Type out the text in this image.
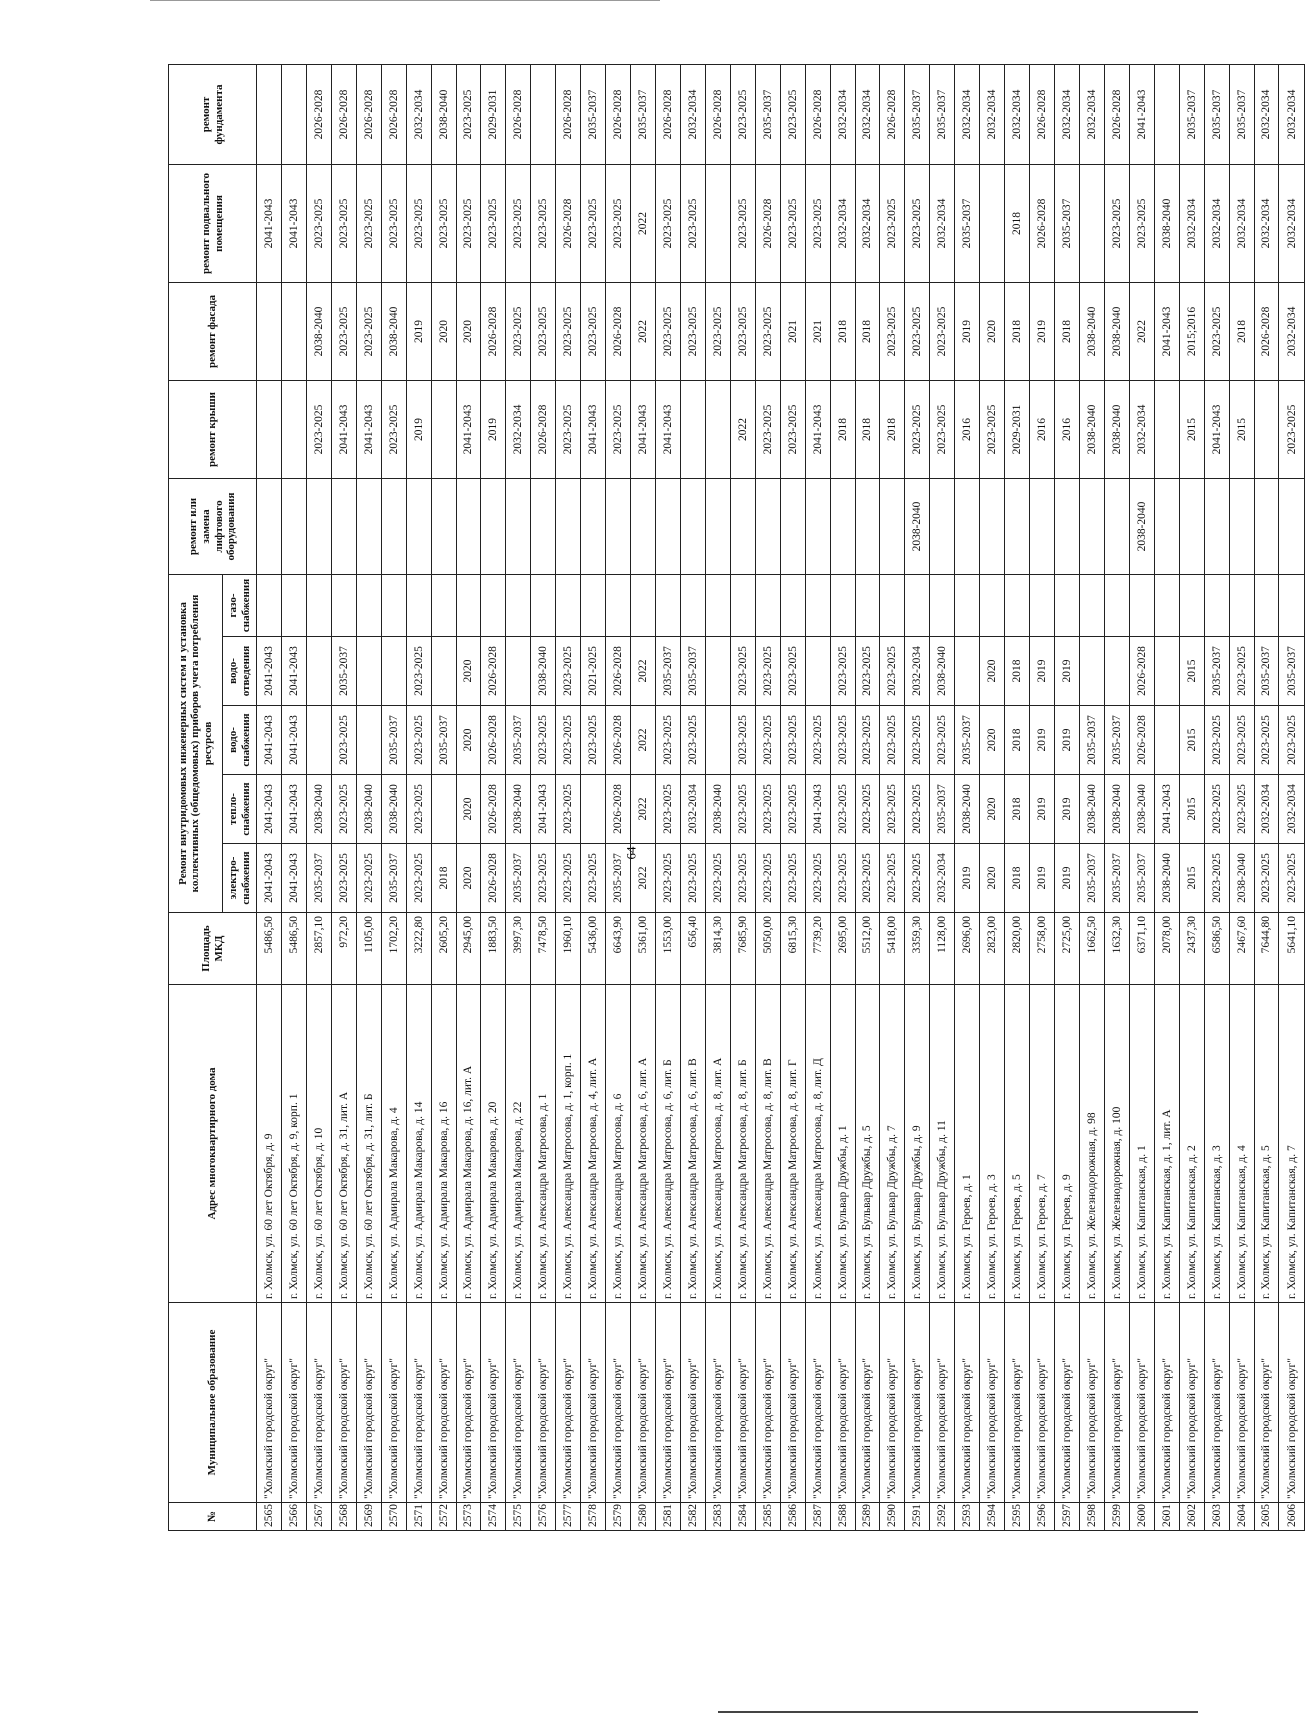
64
№	Муниципальное образование	Адрес многоквартирного дома	Площадь МКД	Ремонт внутридомовых инженерных систем и установка коллективных (общедомовых) приборов учета потребления ресурсов					ремонт или замена лифтового оборудования	ремонт крыши	ремонт фасада	ремонт подвального помещения	ремонт фундамента

				электро-снабжения	тепло-снабжения	водо-снабжения	водо-отведения	газо-снабжения					
2565	"Холмский городской округ"	г. Холмск, ул. 60 лет Октября, д. 9	5486,50	2041-2043	2041-2043	2041-2043	2041-2043					2041-2043	
2566	"Холмский городской округ"	г. Холмск, ул. 60 лет Октября, д. 9, корп. 1	5486,50	2041-2043	2041-2043	2041-2043	2041-2043					2041-2043	
2567	"Холмский городской округ"	г. Холмск, ул. 60 лет Октября, д. 10	2857,10	2035-2037	2038-2040					2023-2025	2038-2040	2023-2025	2026-2028
2568	"Холмский городской округ"	г. Холмск, ул. 60 лет Октября, д. 31, лит. А	972,20	2023-2025	2023-2025	2023-2025	2035-2037			2041-2043	2023-2025	2023-2025	2026-2028
2569	"Холмский городской округ"	г. Холмск, ул. 60 лет Октября, д. 31, лит. Б	1105,00	2023-2025	2038-2040					2041-2043	2023-2025	2023-2025	2026-2028
2570	"Холмский городской округ"	г. Холмск, ул. Адмирала Макарова, д. 4	1702,20	2035-2037	2038-2040	2035-2037				2023-2025	2038-2040	2023-2025	2026-2028
2571	"Холмский городской округ"	г. Холмск, ул. Адмирала Макарова, д. 14	3222,80	2023-2025	2023-2025	2023-2025	2023-2025			2019	2019	2023-2025	2032-2034
2572	"Холмский городской округ"	г. Холмск, ул. Адмирала Макарова, д. 16	2605,20	2018		2035-2037					2020	2023-2025	2038-2040
2573	"Холмский городской округ"	г. Холмск, ул. Адмирала Макарова, д. 16, лит. А	2945,00	2020	2020	2020	2020			2041-2043	2020	2023-2025	2023-2025
2574	"Холмский городской округ"	г. Холмск, ул. Адмирала Макарова, д. 20	1883,50	2026-2028	2026-2028	2026-2028	2026-2028			2019	2026-2028	2023-2025	2029-2031
2575	"Холмский городской округ"	г. Холмск, ул. Адмирала Макарова, д. 22	3997,30	2035-2037	2038-2040	2035-2037				2032-2034	2023-2025	2023-2025	2026-2028
2576	"Холмский городской округ"	г. Холмск, ул. Александра Матросова, д. 1	7478,50	2023-2025	2041-2043	2023-2025	2038-2040			2026-2028	2023-2025	2023-2025	
2577	"Холмский городской округ"	г. Холмск, ул. Александра Матросова, д. 1, корп. 1	1960,10	2023-2025	2023-2025	2023-2025	2023-2025			2023-2025	2023-2025	2026-2028	2026-2028
2578	"Холмский городской округ"	г. Холмск, ул. Александра Матросова, д. 4, лит. А	5436,00	2023-2025		2023-2025	2021-2025			2041-2043	2023-2025	2023-2025	2035-2037
2579	"Холмский городской округ"	г. Холмск, ул. Александра Матросова, д. 6	6643,90	2035-2037	2026-2028	2026-2028	2026-2028			2023-2025	2026-2028	2023-2025	2026-2028
2580	"Холмский городской округ"	г. Холмск, ул. Александра Матросова, д. 6, лит. А	5361,00	2022	2022	2022	2022			2041-2043	2022	2022	2035-2037
2581	"Холмский городской округ"	г. Холмск, ул. Александра Матросова, д. 6, лит. Б	1553,00	2023-2025	2023-2025	2023-2025	2035-2037			2041-2043	2023-2025	2023-2025	2026-2028
2582	"Холмский городской округ"	г. Холмск, ул. Александра Матросова, д. 6, лит. В	656,40	2023-2025	2032-2034	2023-2025	2035-2037				2023-2025	2023-2025	2032-2034
2583	"Холмский городской округ"	г. Холмск, ул. Александра Матросова, д. 8, лит. А	3814,30	2023-2025	2038-2040						2023-2025		2026-2028
2584	"Холмский городской округ"	г. Холмск, ул. Александра Матросова, д. 8, лит. Б	7685,90	2023-2025	2023-2025	2023-2025	2023-2025			2022	2023-2025	2023-2025	2023-2025
2585	"Холмский городской округ"	г. Холмск, ул. Александра Матросова, д. 8, лит. В	5050,00	2023-2025	2023-2025	2023-2025	2023-2025			2023-2025	2023-2025	2026-2028	2035-2037
2586	"Холмский городской округ"	г. Холмск, ул. Александра Матросова, д. 8, лит. Г	6815,30	2023-2025	2023-2025	2023-2025	2023-2025			2023-2025	2021	2023-2025	2023-2025
2587	"Холмский городской округ"	г. Холмск, ул. Александра Матросова, д. 8, лит. Д	7739,20	2023-2025	2041-2043	2023-2025				2041-2043	2021	2023-2025	2026-2028
2588	"Холмский городской округ"	г. Холмск, ул. Бульвар Дружбы, д. 1	2695,00	2023-2025	2023-2025	2023-2025	2023-2025			2018	2018	2032-2034	2032-2034
2589	"Холмский городской округ"	г. Холмск, ул. Бульвар Дружбы, д. 5	5512,00	2023-2025	2023-2025	2023-2025	2023-2025			2018	2018	2032-2034	2032-2034
2590	"Холмский городской округ"	г. Холмск, ул. Бульвар Дружбы, д. 7	5418,00	2023-2025	2023-2025	2023-2025	2023-2025			2018	2023-2025	2023-2025	2026-2028
2591	"Холмский городской округ"	г. Холмск, ул. Бульвар Дружбы, д. 9	3359,30	2023-2025	2023-2025	2023-2025	2032-2034		2038-2040	2023-2025	2023-2025	2023-2025	2035-2037
2592	"Холмский городской округ"	г. Холмск, ул. Бульвар Дружбы, д. 11	1128,00	2032-2034	2035-2037	2023-2025	2038-2040			2023-2025	2023-2025	2032-2034	2035-2037
2593	"Холмский городской округ"	г. Холмск, ул. Героев, д. 1	2696,00	2019	2038-2040	2035-2037				2016	2019	2035-2037	2032-2034
2594	"Холмский городской округ"	г. Холмск, ул. Героев, д. 3	2823,00	2020	2020	2020	2020			2023-2025	2020		2032-2034
2595	"Холмский городской округ"	г. Холмск, ул. Героев, д. 5	2820,00	2018	2018	2018	2018			2029-2031	2018	2018	2032-2034
2596	"Холмский городской округ"	г. Холмск, ул. Героев, д. 7	2758,00	2019	2019	2019	2019			2016	2019	2026-2028	2026-2028
2597	"Холмский городской округ"	г. Холмск, ул. Героев, д. 9	2725,00	2019	2019	2019	2019			2016	2018	2035-2037	2032-2034
2598	"Холмский городской округ"	г. Холмск, ул. Железнодорожная, д. 98	1662,50	2035-2037	2038-2040	2035-2037				2038-2040	2038-2040		2032-2034
2599	"Холмский городской округ"	г. Холмск, ул. Железнодорожная, д. 100	1632,30	2035-2037	2038-2040	2035-2037				2038-2040	2038-2040	2023-2025	2026-2028
2600	"Холмский городской округ"	г. Холмск, ул. Капитанская, д. 1	6371,10	2035-2037	2038-2040	2026-2028	2026-2028		2038-2040	2032-2034	2022	2023-2025	2041-2043
2601	"Холмский городской округ"	г. Холмск, ул. Капитанская, д. 1, лит. А	2078,00	2038-2040	2041-2043						2041-2043	2038-2040	
2602	"Холмский городской округ"	г. Холмск, ул. Капитанская, д. 2	2437,30	2015	2015	2015	2015			2015	2015;2016	2032-2034	2035-2037
2603	"Холмский городской округ"	г. Холмск, ул. Капитанская, д. 3	6586,50	2023-2025	2023-2025	2023-2025	2035-2037			2041-2043	2023-2025	2032-2034	2035-2037
2604	"Холмский городской округ"	г. Холмск, ул. Капитанская, д. 4	2467,60	2038-2040	2023-2025	2023-2025	2023-2025			2015	2018	2032-2034	2035-2037
2605	"Холмский городской округ"	г. Холмск, ул. Капитанская, д. 5	7644,80	2023-2025	2032-2034	2023-2025	2035-2037				2026-2028	2032-2034	2032-2034
2606	"Холмский городской округ"	г. Холмск, ул. Капитанская, д. 7	5641,10	2023-2025	2032-2034	2023-2025	2035-2037			2023-2025	2032-2034	2032-2034	2032-2034
